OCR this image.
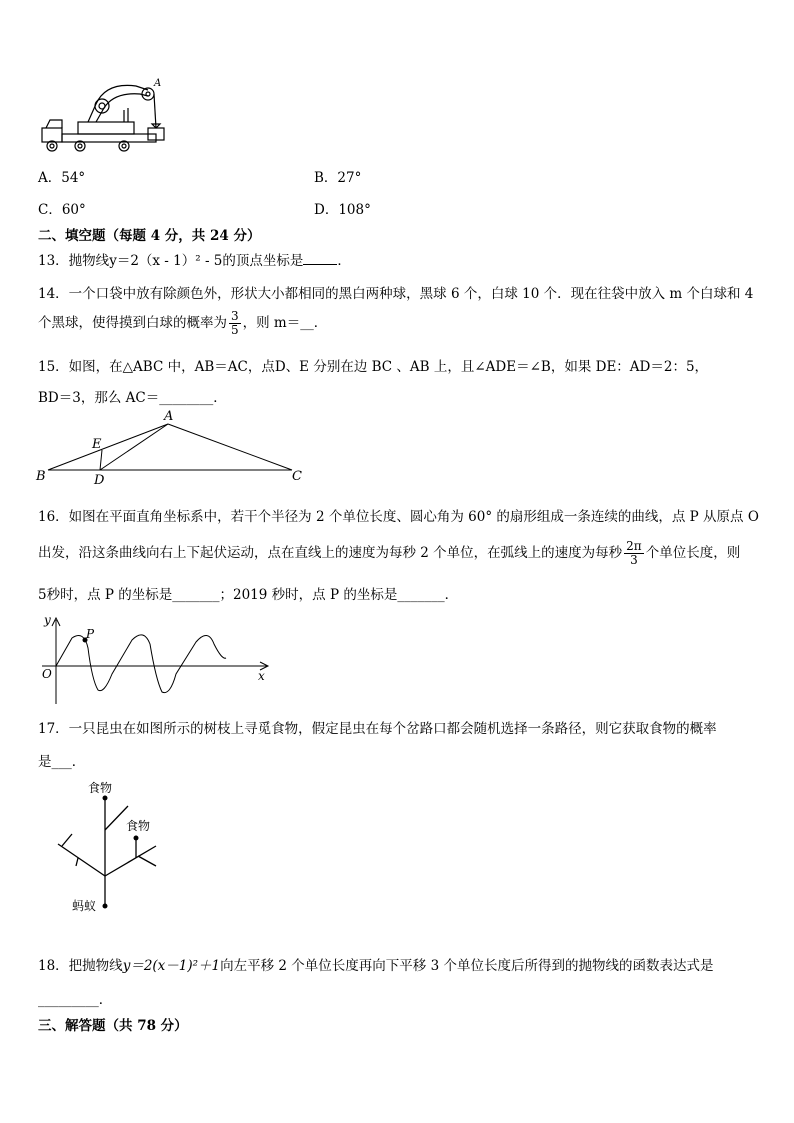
A
A．54°	B．27°
C．60°	D．108°
二、填空题（每题 4 分，共 24 分）
13．抛物线y＝2（x - 1）² - 5的顶点坐标是	．
14．一个口袋中放有除颜色外，形状大小都相同的黑白两种球，黑球 6 个，白球 10 个．现在往袋中放入 m 个白球和 4
个黑球，使得摸到白球的概率为 $\frac{3}{5}$ ，则 m＝__．
15．如图，在△ABC 中，AB＝AC，点D、E 分别在边 BC 、AB 上，且∠ADE＝∠B，如果 DE：AD＝2：5，
BD＝3，那么 AC＝________．
A
B	C
D
E
16．如图在平面直角坐标系中，若干个半径为 2 个单位长度、圆心角为 60° 的扇形组成一条连续的曲线，点 P 从原点 O
出发，沿这条曲线向右上下起伏运动，点在直线上的速度为每秒 2 个单位，在弧线上的速度为每秒 $\frac{2\pi}{3}$ 个单位长度，则
5秒时，点 P 的坐标是_______；2019 秒时，点 P 的坐标是_______．
y
x
O
P
17．一只昆虫在如图所示的树枝上寻觅食物，假定昆虫在每个岔路口都会随机选择一条路径，则它获取食物的概率
是___．
食物
食物
蚂蚁
18．把抛物线y＝2(x－1)²＋1向左平移 2 个单位长度再向下平移 3 个单位长度后所得到的抛物线的函数表达式是
_________．
三、解答题（共 78 分）
